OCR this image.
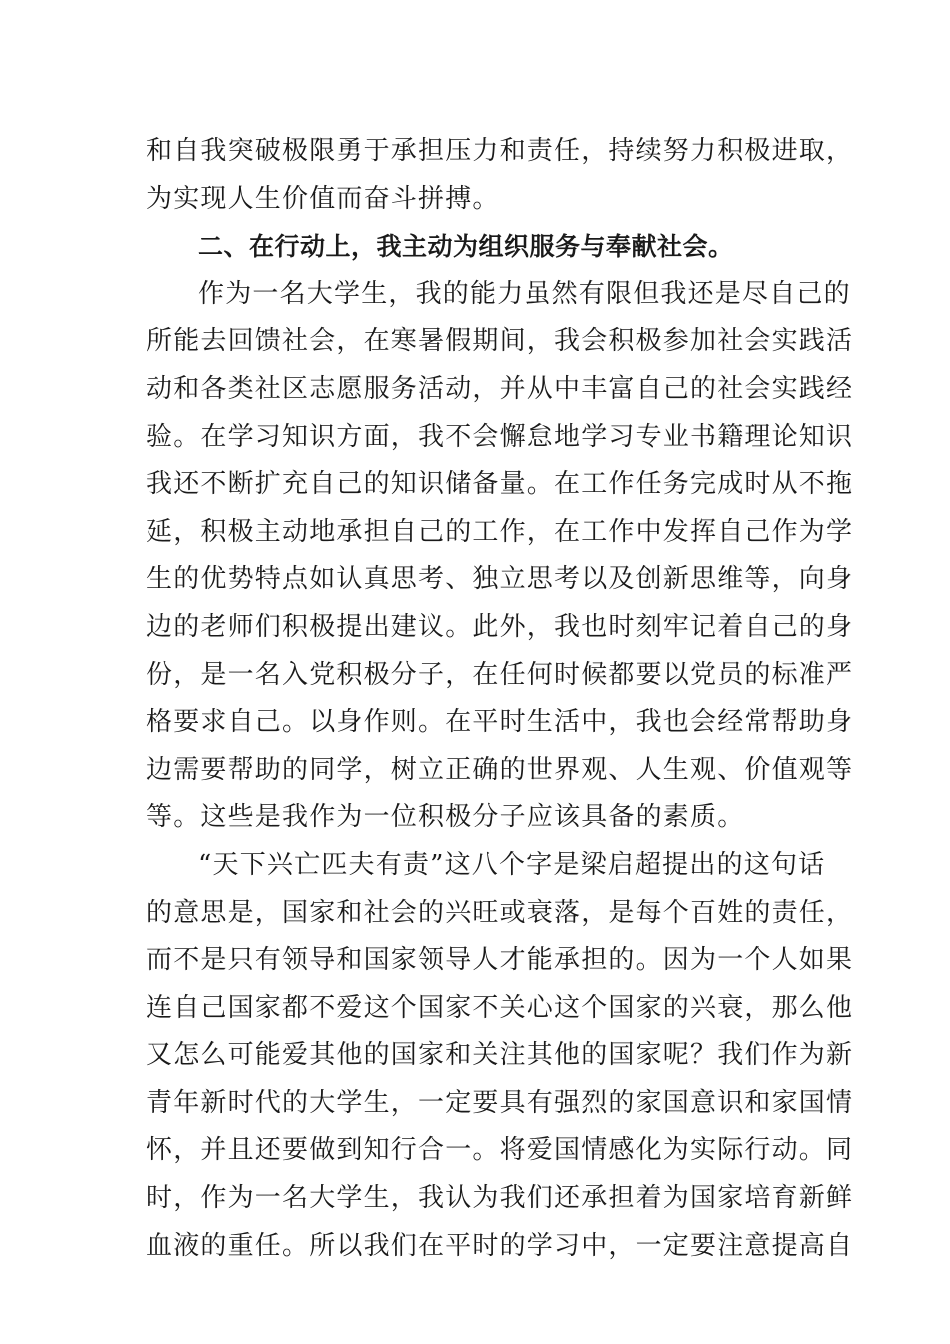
和自我突破极限勇于承担压力和责任，持续努力积极进取，
为实现人生价值而奋斗拼搏。
二、在行动上，我主动为组织服务与奉献社会。
作为一名大学生，我的能力虽然有限但我还是尽自己的
所能去回馈社会，在寒暑假期间，我会积极参加社会实践活
动和各类社区志愿服务活动，并从中丰富自己的社会实践经
验。在学习知识方面，我不会懈怠地学习专业书籍理论知识
我还不断扩充自己的知识储备量。在工作任务完成时从不拖
延，积极主动地承担自己的工作，在工作中发挥自己作为学
生的优势特点如认真思考、独立思考以及创新思维等，向身
边的老师们积极提出建议。此外，我也时刻牢记着自己的身
份，是一名入党积极分子，在任何时候都要以党员的标准严
格要求自己。以身作则。在平时生活中，我也会经常帮助身
边需要帮助的同学，树立正确的世界观、人生观、价值观等
等。这些是我作为一位积极分子应该具备的素质。
“天下兴亡匹夫有责”这八个字是梁启超提出的这句话
的意思是，国家和社会的兴旺或衰落，是每个百姓的责任，
而不是只有领导和国家领导人才能承担的。因为一个人如果
连自己国家都不爱这个国家不关心这个国家的兴衰，那么他
又怎么可能爱其他的国家和关注其他的国家呢？我们作为新
青年新时代的大学生，一定要具有强烈的家国意识和家国情
怀，并且还要做到知行合一。将爱国情感化为实际行动。同
时，作为一名大学生，我认为我们还承担着为国家培育新鲜
血液的重任。所以我们在平时的学习中，一定要注意提高自
